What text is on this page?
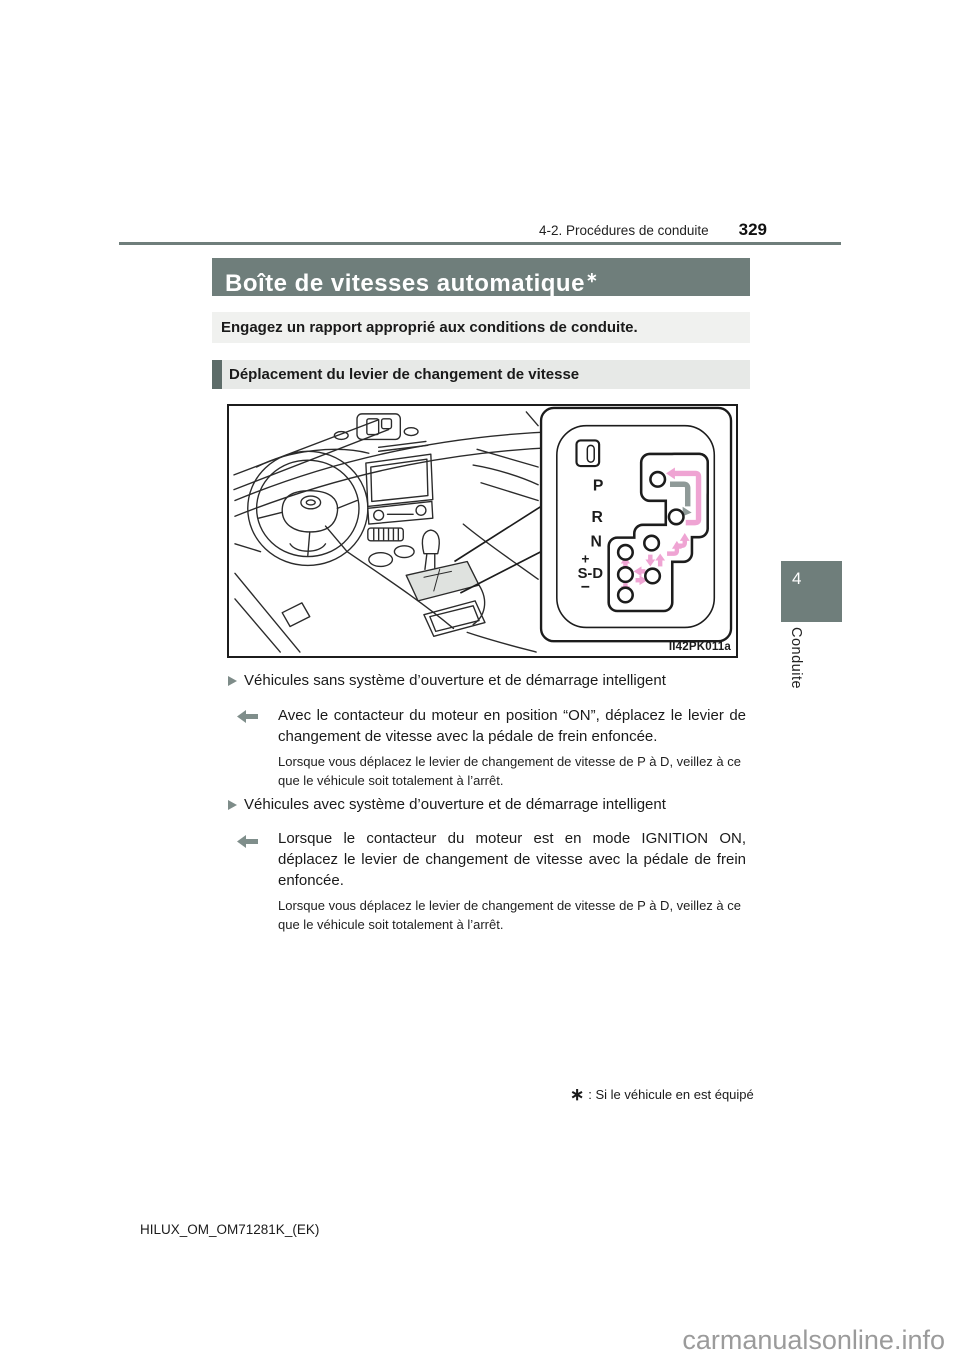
4-2. Procédures de conduite 329
Boîte de vitesses automatique∗
Engagez un rapport approprié aux conditions de conduite.
Déplacement du levier de changement de vitesse
P
R
N
+
S-D
−
II42PK011a
Véhicules sans système d’ouverture et de démarrage intelligent
Avec le contacteur du moteur en position “ON”, déplacez le levier de changement de vitesse avec la pédale de frein enfoncée.
Lorsque vous déplacez le levier de changement de vitesse de P à D, veillez à ce que le véhicule soit totalement à l’arrêt.
Véhicules avec système d’ouverture et de démarrage intelligent
Lorsque le contacteur du moteur est en mode IGNITION ON, déplacez le levier de changement de vitesse avec la pédale de frein enfoncée.
Lorsque vous déplacez le levier de changement de vitesse de P à D, veillez à ce que le véhicule soit totalement à l’arrêt.
∗ : Si le véhicule en est équipé
HILUX_OM_OM71281K_(EK)
4
Conduite
carmanualsonline.info
